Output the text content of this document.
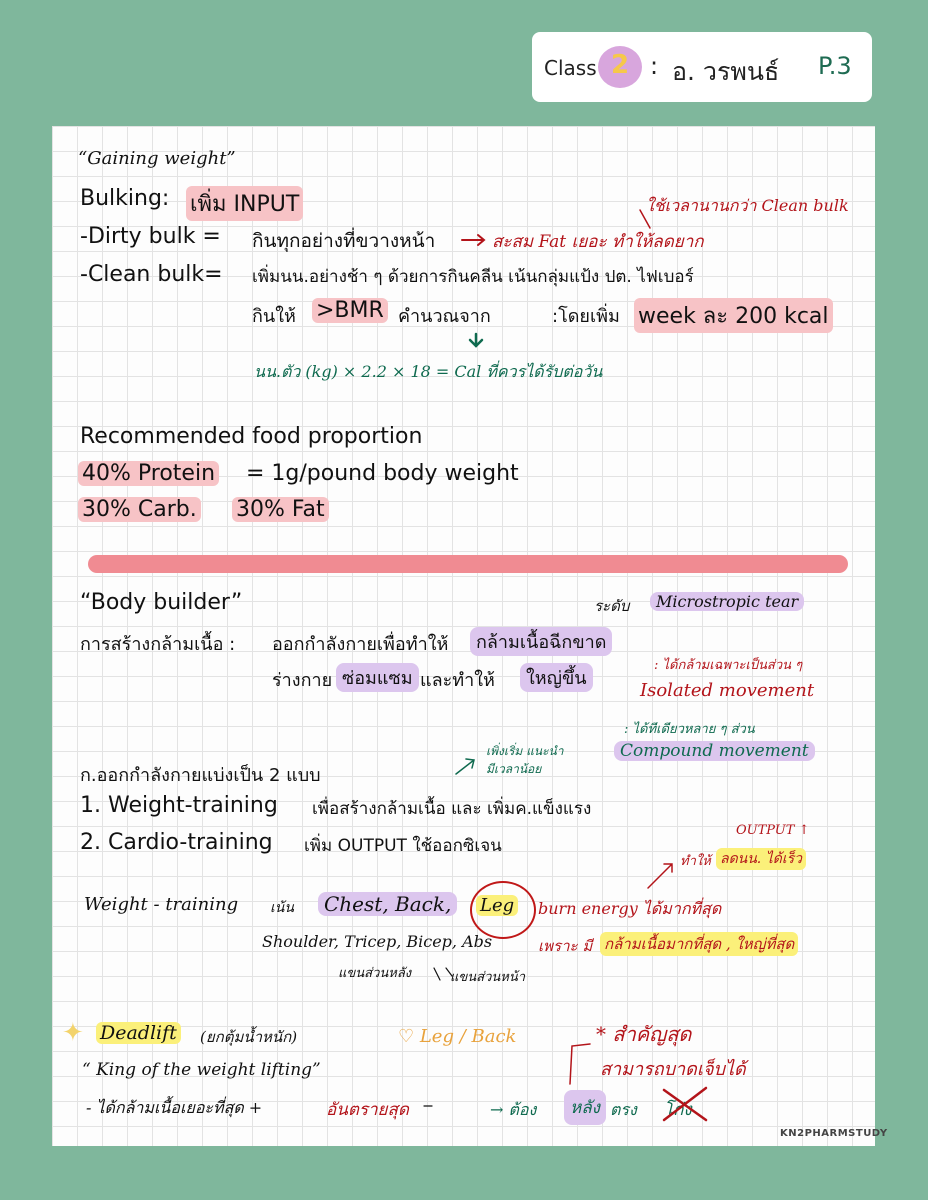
Class 2 : อ. วรพนธ์ P.3
“Gaining weight”
Bulking: เพิ่ม INPUT	ใช้เวลานานกว่า Clean bulk
-Dirty bulk = กินทุกอย่างที่ขวางหน้า	สะสม Fat เยอะ ทำให้ลดยาก
-Clean bulk= เพิ่มนน.อย่างช้า ๆ ด้วยการกินคลีน เน้นกลุ่มแป้ง ปต. ไฟเบอร์
กินให้ >BMR คำนวณจาก	:โดยเพิ่ม week ละ 200 kcal
นน.ตัว (kg) × 2.2 × 18 = Cal ที่ควรได้รับต่อวัน
Recommended food proportion
40% Protein = 1g/pound body weight
30% Carb. 30% Fat
“Body builder”	ระดับ	Microstropic tear
การสร้างกล้ามเนื้อ : ออกกำลังกายเพื่อทำให้	กล้ามเนื้อฉีกขาด
ร่างกาย ซ่อมแซม และทำให้	ใหญ่ขึ้น
: ได้กล้ามเฉพาะเป็นส่วน ๆ
Isolated movement
: ได้ทีเดียวหลาย ๆ ส่วน
เพิ่งเริ่ม แนะนำ
มีเวลาน้อย
Compound movement
ก.ออกกำลังกายแบ่งเป็น 2 แบบ
1. Weight-training เพื่อสร้างกล้ามเนื้อ และ เพิ่มค.แข็งแรง
2. Cardio-training เพิ่ม OUTPUT ใช้ออกซิเจน
OUTPUT ↑
ทำให้ ลดนน. ได้เร็ว
Weight - training เน้น	Chest, Back,	Leg burn energy ได้มากที่สุด
Shoulder, Tricep, Bicep, Abs	เพราะ มี กล้ามเนื้อมากที่สุด , ใหญ่ที่สุด
แขนส่วนหลัง	แขนส่วนหน้า
✦ Deadlift (ยกตุ้มน้ำหนัก)	♡ Leg / Back	* สำคัญสุด
สามารถบาดเจ็บได้
“ King of the weight lifting”
- ได้กล้ามเนื้อเยอะที่สุด +	อันตรายสุด	→ ต้อง	หลัง ตรง โก่ง
KN2PHARMSTUDY
